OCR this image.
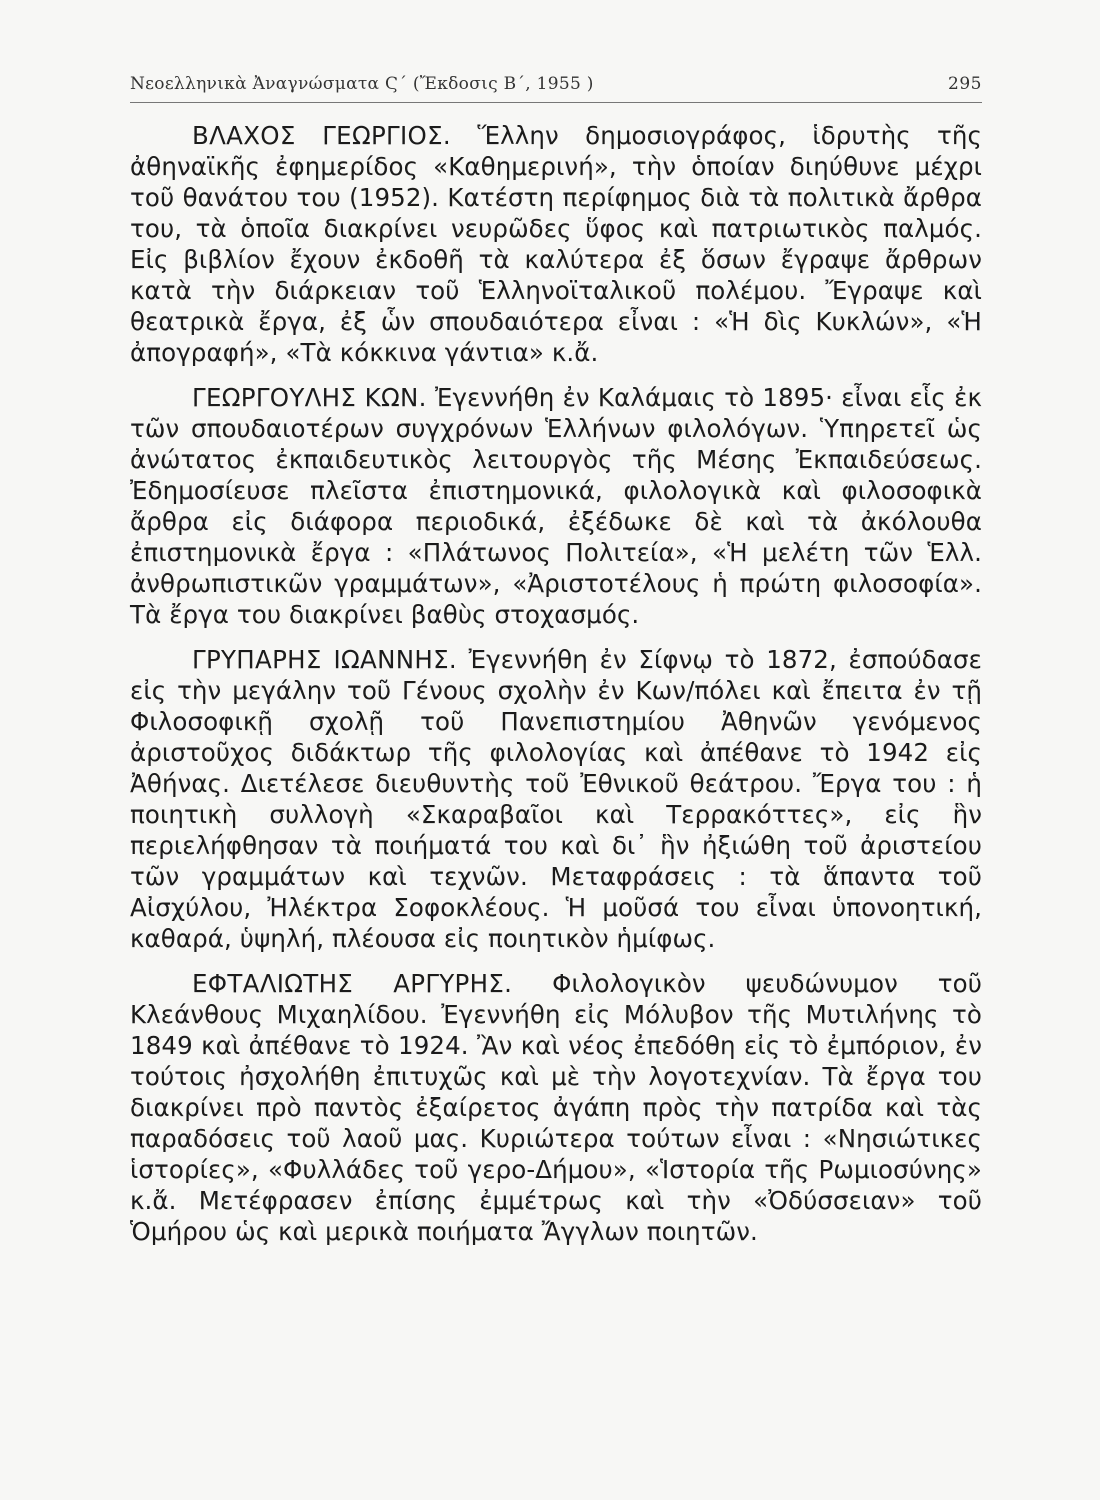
Νεοελληνικὰ Ἀναγνώσματα Ϛ΄ (Ἔκδοσις Β΄, 1955 )	295

ΒΛΑΧΟΣ ΓΕΩΡΓΙΟΣ. Ἕλλην δημοσιογράφος, ἱδρυτὴς τῆς ἀθηναϊκῆς ἐφημερίδος «Καθημερινή», τὴν ὁποίαν διηύθυνε μέχρι τοῦ θανάτου του (1952). Κατέστη περίφημος διὰ τὰ πολιτικὰ ἄρθρα του, τὰ ὁποῖα διακρίνει νευρῶδες ὕφος καὶ πατριωτικὸς παλμός. Εἰς βιβλίον ἔχουν ἐκδοθῆ τὰ καλύτερα ἐξ ὅσων ἔγραψε ἄρθρων κατὰ τὴν διάρκειαν τοῦ Ἑλληνοϊταλικοῦ πολέμου. Ἔγραψε καὶ θεατρικὰ ἔργα, ἐξ ὧν σπουδαιότερα εἶναι : «Ἡ δὶς Κυκλών», «Ἡ ἀπογραφή», «Τὰ κόκκινα γάντια» κ.ἄ.

ΓΕΩΡΓΟΥΛΗΣ ΚΩΝ. Ἐγεννήθη ἐν Καλάμαις τὸ 1895· εἶναι εἷς ἐκ τῶν σπουδαιοτέρων συγχρόνων Ἑλλήνων φιλολόγων. Ὑπηρετεῖ ὡς ἀνώτατος ἐκπαιδευτικὸς λειτουργὸς τῆς Μέσης Ἐκπαιδεύσεως. Ἐδημοσίευσε πλεῖστα ἐπιστημονικά, φιλολογικὰ καὶ φιλοσοφικὰ ἄρθρα εἰς διάφορα περιοδικά, ἐξέδωκε δὲ καὶ τὰ ἀκόλουθα ἐπιστημονικὰ ἔργα : «Πλάτωνος Πολιτεία», «Ἡ μελέτη τῶν Ἑλλ. ἀνθρωπιστικῶν γραμμάτων», «Ἀριστοτέλους ἡ πρώτη φιλοσοφία». Τὰ ἔργα του διακρίνει βαθὺς στοχασμός.

ΓΡΥΠΑΡΗΣ ΙΩΑΝΝΗΣ. Ἐγεννήθη ἐν Σίφνῳ τὸ 1872, ἐσπούδασε εἰς τὴν μεγάλην τοῦ Γένους σχολὴν ἐν Κων/πόλει καὶ ἔπειτα ἐν τῇ Φιλοσοφικῇ σχολῇ τοῦ Πανεπιστημίου Ἀθηνῶν γενόμενος ἀριστοῦχος διδάκτωρ τῆς φιλολογίας καὶ ἀπέθανε τὸ 1942 εἰς Ἀθήνας. Διετέλεσε διευθυντὴς τοῦ Ἐθνικοῦ θεάτρου. Ἔργα του : ἡ ποιητικὴ συλλογὴ «Σκαραβαῖοι καὶ Τερρακόττες», εἰς ἣν περιελήφθησαν τὰ ποιήματά του καὶ δι᾿ ἣν ἠξιώθη τοῦ ἀριστείου τῶν γραμμάτων καὶ τεχνῶν. Μεταφράσεις : τὰ ἅπαντα τοῦ Αἰσχύλου, Ἠλέκτρα Σοφοκλέους. Ἡ μοῦσά του εἶναι ὑπονοητική, καθαρά, ὑψηλή, πλέουσα εἰς ποιητικὸν ἡμίφως.

ΕΦΤΑΛΙΩΤΗΣ ΑΡΓΥΡΗΣ. Φιλολογικὸν ψευδώνυμον τοῦ Κλεάνθους Μιχαηλίδου. Ἐγεννήθη εἰς Μόλυβον τῆς Μυτιλήνης τὸ 1849 καὶ ἀπέθανε τὸ 1924. Ἂν καὶ νέος ἐπεδόθη εἰς τὸ ἐμπόριον, ἐν τούτοις ἠσχολήθη ἐπιτυχῶς καὶ μὲ τὴν λογοτεχνίαν. Τὰ ἔργα του διακρίνει πρὸ παντὸς ἐξαίρετος ἀγάπη πρὸς τὴν πατρίδα καὶ τὰς παραδόσεις τοῦ λαοῦ μας. Κυριώτερα τούτων εἶναι : «Νησιώτικες ἱστορίες», «Φυλλάδες τοῦ γερο-Δήμου», «Ἱστορία τῆς Ρωμιοσύνης» κ.ἄ. Μετέφρασεν ἐπίσης ἐμμέτρως καὶ τὴν «Ὀδύσσειαν» τοῦ Ὁμήρου ὡς καὶ μερικὰ ποιήματα Ἄγγλων ποιητῶν.
